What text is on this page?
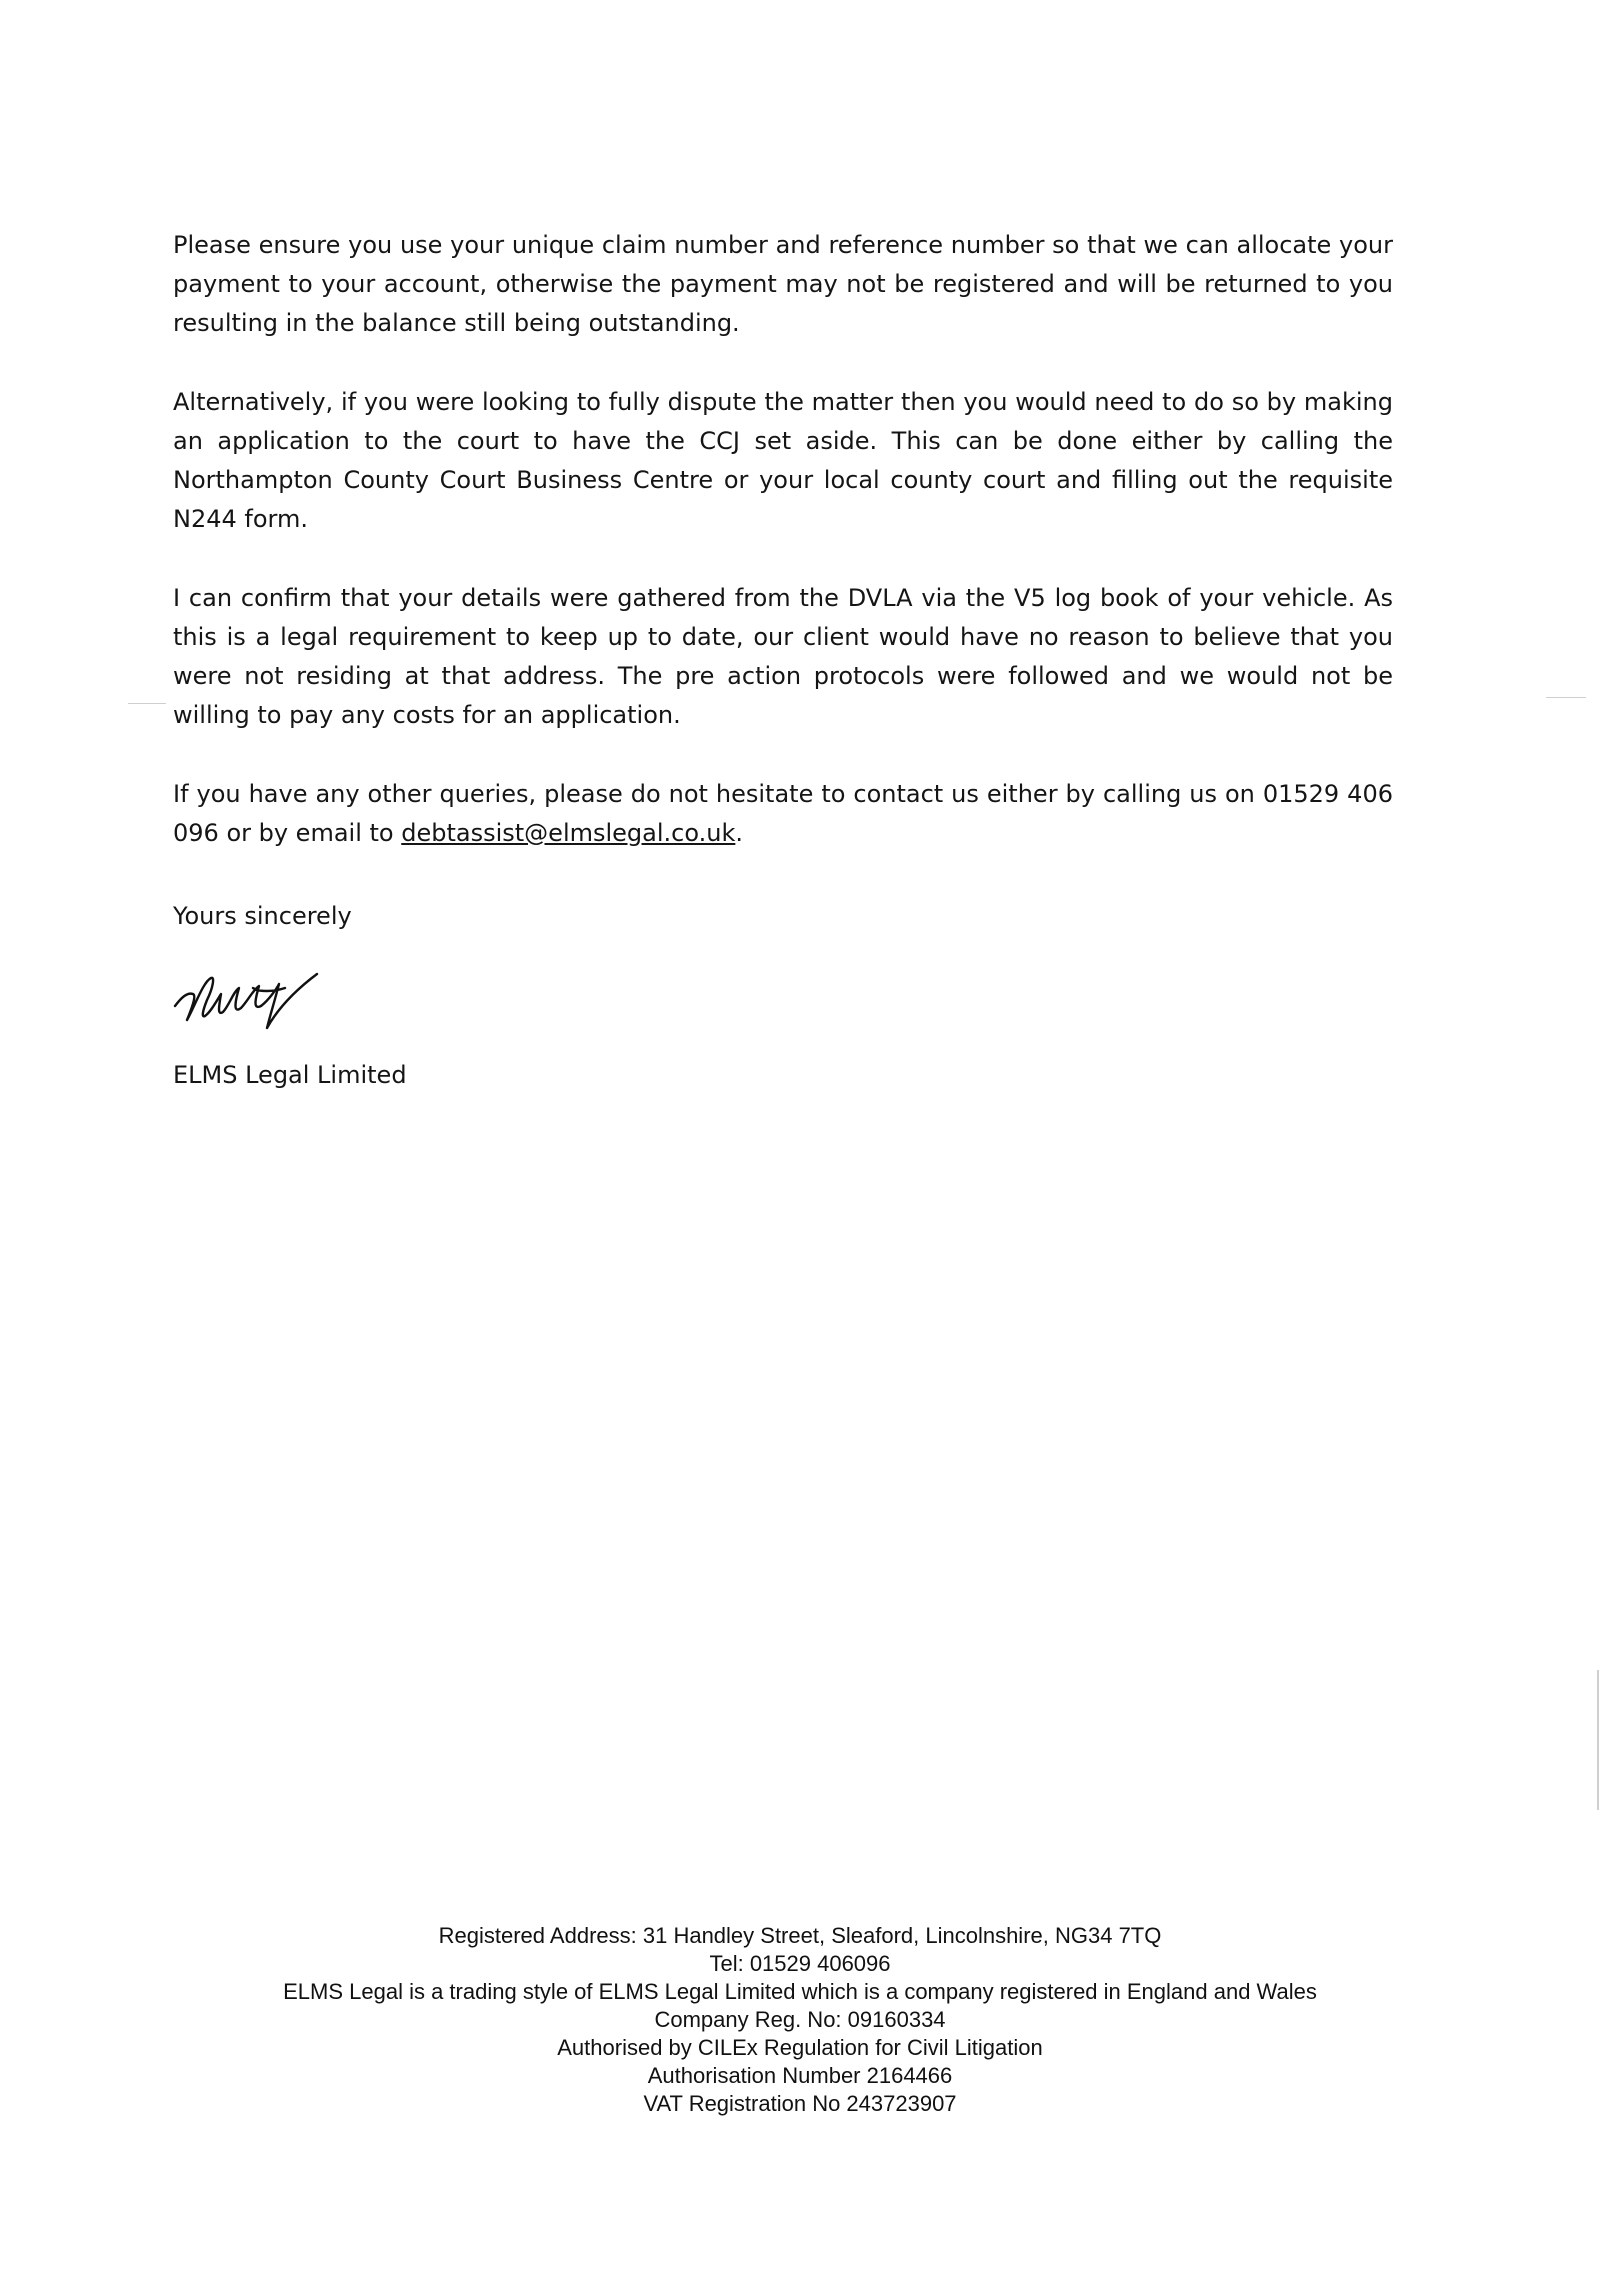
Please ensure you use your unique claim number and reference number so that we can allocate your payment to your account, otherwise the payment may not be registered and will be returned to you resulting in the balance still being outstanding.

Alternatively, if you were looking to fully dispute the matter then you would need to do so by making an application to the court to have the CCJ set aside. This can be done either by calling the Northampton County Court Business Centre or your local county court and filling out the requisite N244 form.

I can confirm that your details were gathered from the DVLA via the V5 log book of your vehicle. As this is a legal requirement to keep up to date, our client would have no reason to believe that you were not residing at that address. The pre action protocols were followed and we would not be willing to pay any costs for an application.

If you have any other queries, please do not hesitate to contact us either by calling us on 01529 406 096 or by email to debtassist@elmslegal.co.uk.

Yours sincerely

ELMS Legal Limited

Registered Address: 31 Handley Street, Sleaford, Lincolnshire, NG34 7TQ
Tel: 01529 406096
ELMS Legal is a trading style of ELMS Legal Limited which is a company registered in England and Wales
Company Reg. No: 09160334
Authorised by CILEx Regulation for Civil Litigation
Authorisation Number 2164466
VAT Registration No 243723907
